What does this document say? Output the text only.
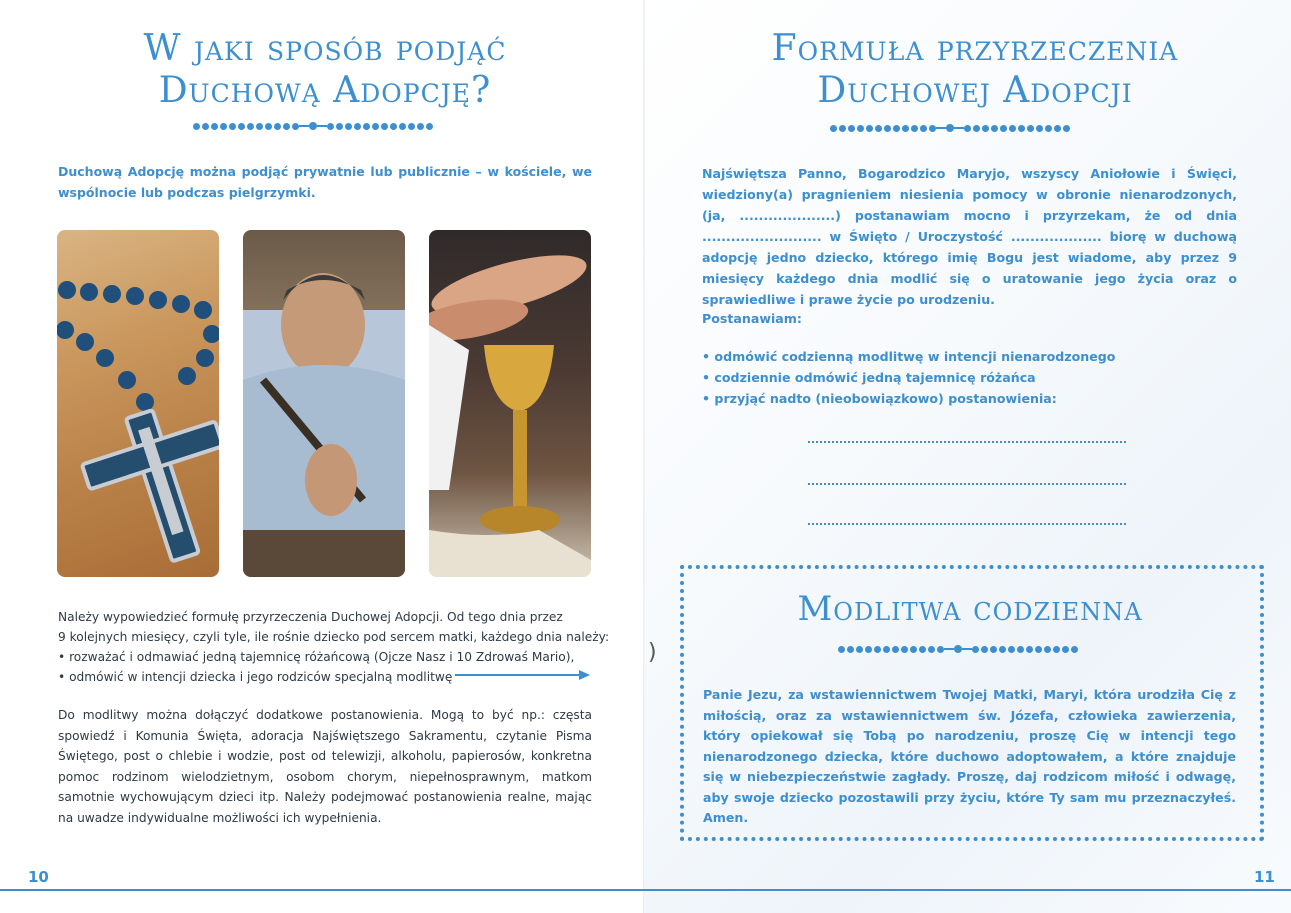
W jaki sposób podjąć
Duchową Adopcję?

Duchową Adopcję można podjąć prywatnie lub publicznie – w kościele, we wspólnocie lub podczas pielgrzymki.

Należy wypowiedzieć formułę przyrzeczenia Duchowej Adopcji. Od tego dnia przez

9 kolejnych miesięcy, czyli tyle, ile rośnie dziecko pod sercem matki, każdego dnia należy:

• rozważać i odmawiać jedną tajemnicę różańcową (Ojcze Nasz i 10 Zdrowaś Mario),

• odmówić w intencji dziecka i jego rodziców specjalną modlitwę

Do modlitwy można dołączyć dodatkowe postanowienia. Mogą to być np.: częsta spowiedź i Komunia Święta, adoracja Najświętszego Sakramentu, czytanie Pisma Świętego, post o chlebie i wodzie, post od telewizji, alkoholu, papierosów, konkretna pomoc rodzinom wielodzietnym, osobom chorym, niepełnosprawnym, matkom samotnie wychowującym dzieci itp. Należy podejmować postanowienia realne, mając na uwadze indywidualne możliwości ich wypełnienia.

10
Formuła przyrzeczenia
Duchowej Adopcji

Najświętsza Panno, Bogarodzico Maryjo, wszyscy Aniołowie i Święci, wiedziony(a) pragnieniem niesienia pomocy w obronie nienarodzonych, (ja, ....................) postanawiam mocno i przyrzekam, że od dnia ......................... w Święto / Uroczystość ................... biorę w duchową adopcję jedno dziecko, którego imię Bogu jest wiadome, aby przez 9 miesięcy każdego dnia modlić się o uratowanie jego życia oraz o sprawiedliwe i prawe życie po urodzeniu.

Postanawiam:

• odmówić codzienną modlitwę w intencji nienarodzonego
• codziennie odmówić jedną tajemnicę różańca
• przyjąć nadto (nieobowiązkowo) postanowienia:
11
Modlitwa codzienna

Panie Jezu, za wstawiennictwem Twojej Matki, Maryi, która urodziła Cię z miłością, oraz za wstawiennictwem św. Józefa, człowieka zawierzenia, który opiekował się Tobą po narodzeniu, proszę Cię w intencji tego nienarodzonego dziecka, które duchowo adoptowałem, a które znajduje się w niebezpieczeństwie zagłady. Proszę, daj rodzicom miłość i odwagę, aby swoje dziecko pozostawili przy życiu, które Ty sam mu przeznaczyłeś. Amen.

)
